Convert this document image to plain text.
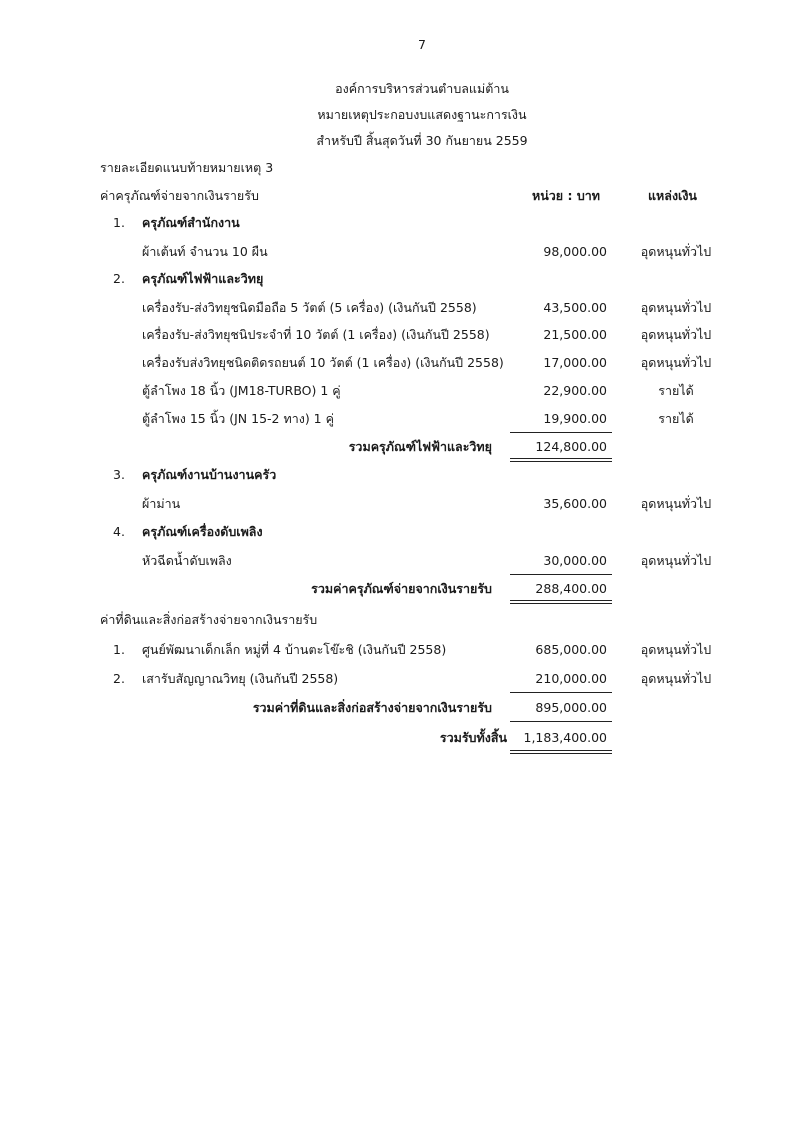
7
องค์การบริหารส่วนตำบลแม่ต้าน
หมายเหตุประกอบงบแสดงฐานะการเงิน
สำหรับปี สิ้นสุดวันที่ 30 กันยายน 2559
รายละเอียดแนบท้ายหมายเหตุ 3
ค่าครุภัณฑ์จ่ายจากเงินรายรับ	หน่วย : บาท	แหล่งเงิน
1. ครุภัณฑ์สำนักงาน
ผ้าเต้นท์ จำนวน 10 ผืน	98,000.00	อุดหนุนทั่วไป
2. ครุภัณฑ์ไฟฟ้าและวิทยุ
เครื่องรับ-ส่งวิทยุชนิดมือถือ 5 วัตต์ (5 เครื่อง) (เงินกันปี 2558)	43,500.00	อุดหนุนทั่วไป
เครื่องรับ-ส่งวิทยุชนิประจำที่ 10 วัตต์ (1 เครื่อง) (เงินกันปี 2558)	21,500.00	อุดหนุนทั่วไป
เครื่องรับส่งวิทยุชนิดติดรถยนต์ 10 วัตต์ (1 เครื่อง) (เงินกันปี 2558)	17,000.00	อุดหนุนทั่วไป
ตู้ลำโพง 18 นิ้ว (JM18-TURBO) 1 คู่	22,900.00	รายได้
ตู้ลำโพง 15 นิ้ว (JN 15-2 ทาง) 1 คู่	19,900.00	รายได้
รวมครุภัณฑ์ไฟฟ้าและวิทยุ	124,800.00
3. ครุภัณฑ์งานบ้านงานครัว
ผ้าม่าน	35,600.00	อุดหนุนทั่วไป
4. ครุภัณฑ์เครื่องดับเพลิง
หัวฉีดน้ำดับเพลิง	30,000.00	อุดหนุนทั่วไป
รวมค่าครุภัณฑ์จ่ายจากเงินรายรับ	288,400.00
ค่าที่ดินและสิ่งก่อสร้างจ่ายจากเงินรายรับ
1. ศูนย์พัฒนาเด็กเล็ก หมู่ที่ 4 บ้านตะโข๊ะชิ (เงินกันปี 2558)	685,000.00	อุดหนุนทั่วไป
2. เสารับสัญญาณวิทยุ (เงินกันปี 2558)	210,000.00	อุดหนุนทั่วไป
รวมค่าที่ดินและสิ่งก่อสร้างจ่ายจากเงินรายรับ	895,000.00
รวมรับทั้งสิ้น	1,183,400.00
